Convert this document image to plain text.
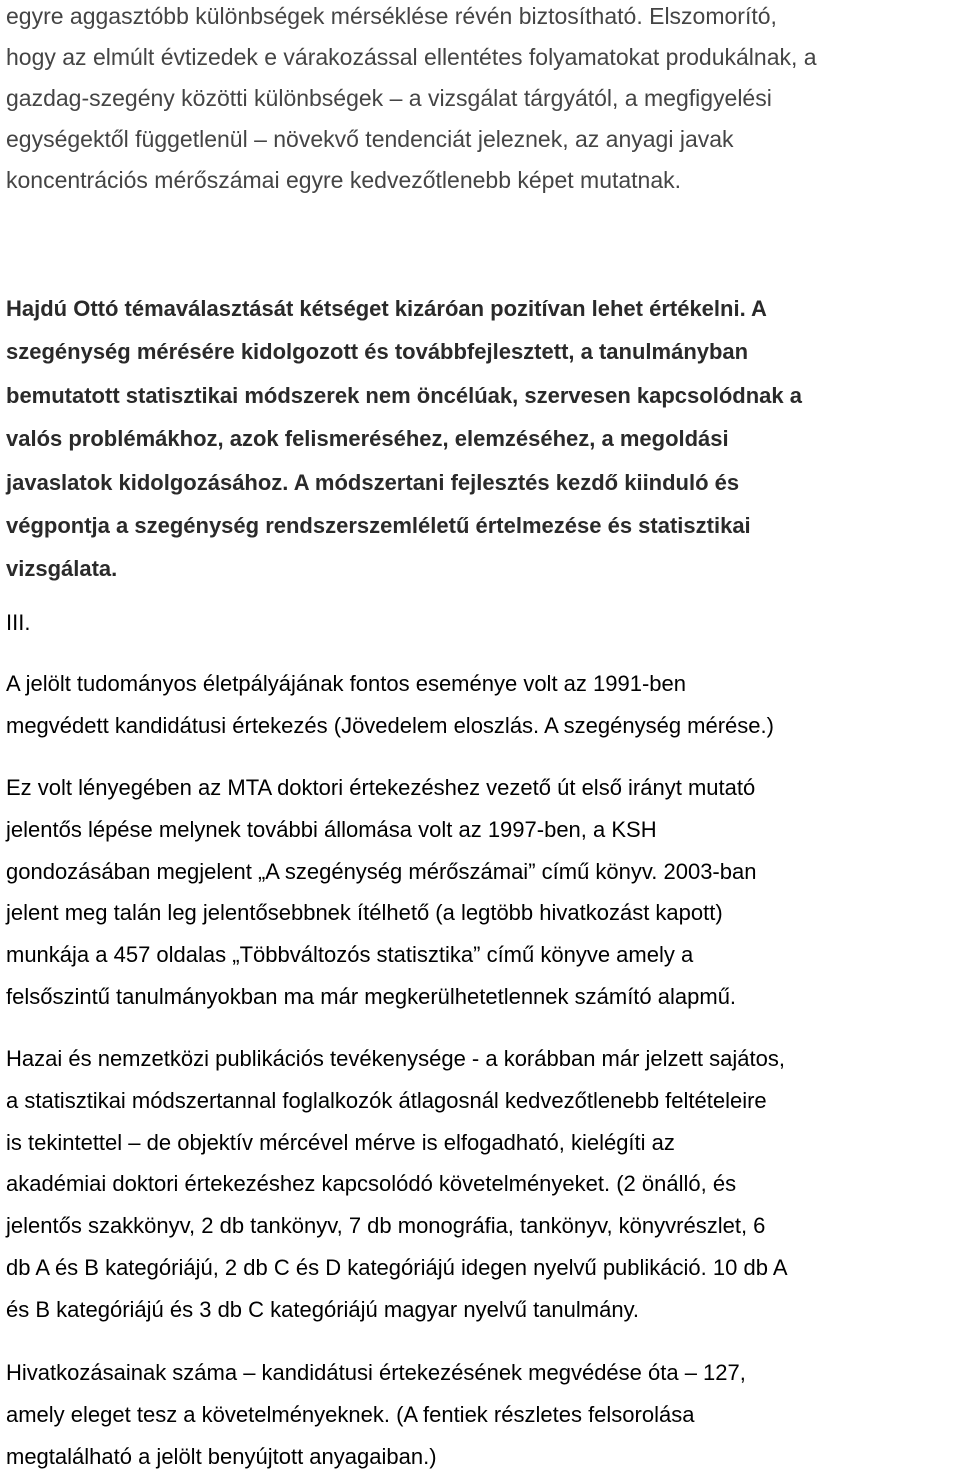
egyre aggasztóbb különbségek mérséklése révén biztosítható. Elszomorító,

hogy az elmúlt évtizedek e várakozással ellentétes folyamatokat produkálnak, a

gazdag-szegény közötti különbségek – a vizsgálat tárgyától, a megfigyelési

egységektől függetlenül – növekvő tendenciát jeleznek, az anyagi javak

koncentrációs mérőszámai egyre kedvezőtlenebb képet mutatnak.

Hajdú Ottó témaválasztását kétséget kizáróan pozitívan lehet értékelni. A

szegénység mérésére kidolgozott és továbbfejlesztett, a tanulmányban

bemutatott statisztikai módszerek nem öncélúak, szervesen kapcsolódnak a

valós problémákhoz, azok felismeréséhez, elemzéséhez, a megoldási

javaslatok kidolgozásához. A módszertani fejlesztés kezdő kiinduló és

végpontja a szegénység rendszerszemléletű értelmezése és statisztikai

vizsgálata.

III.

A jelölt tudományos életpályájának fontos eseménye volt az 1991-ben

megvédett kandidátusi értekezés (Jövedelem eloszlás. A szegénység mérése.)

Ez volt lényegében az MTA doktori értekezéshez vezető út első irányt mutató

jelentős lépése melynek további állomása volt az 1997-ben, a KSH

gondozásában megjelent „A szegénység mérőszámai” című könyv. 2003-ban

jelent meg talán leg jelentősebbnek ítélhető (a legtöbb hivatkozást kapott)

munkája a 457 oldalas „Többváltozós statisztika” című könyve amely a

felsőszintű tanulmányokban ma már megkerülhetetlennek számító alapmű.

Hazai és nemzetközi publikációs tevékenysége - a korábban már jelzett sajátos,

a statisztikai módszertannal foglalkozók átlagosnál kedvezőtlenebb feltételeire

is tekintettel – de objektív mércével mérve is elfogadható, kielégíti az

akadémiai doktori értekezéshez kapcsolódó követelményeket. (2 önálló, és

jelentős szakkönyv, 2 db tankönyv, 7 db monográfia, tankönyv, könyvrészlet, 6

db A és B kategóriájú, 2 db C és D kategóriájú idegen nyelvű publikáció. 10 db A

és B kategóriájú és 3 db C kategóriájú magyar nyelvű tanulmány.

Hivatkozásainak száma – kandidátusi értekezésének megvédése óta – 127,

amely eleget tesz a követelményeknek. (A fentiek részletes felsorolása

megtalálható a jelölt benyújtott anyagaiban.)
